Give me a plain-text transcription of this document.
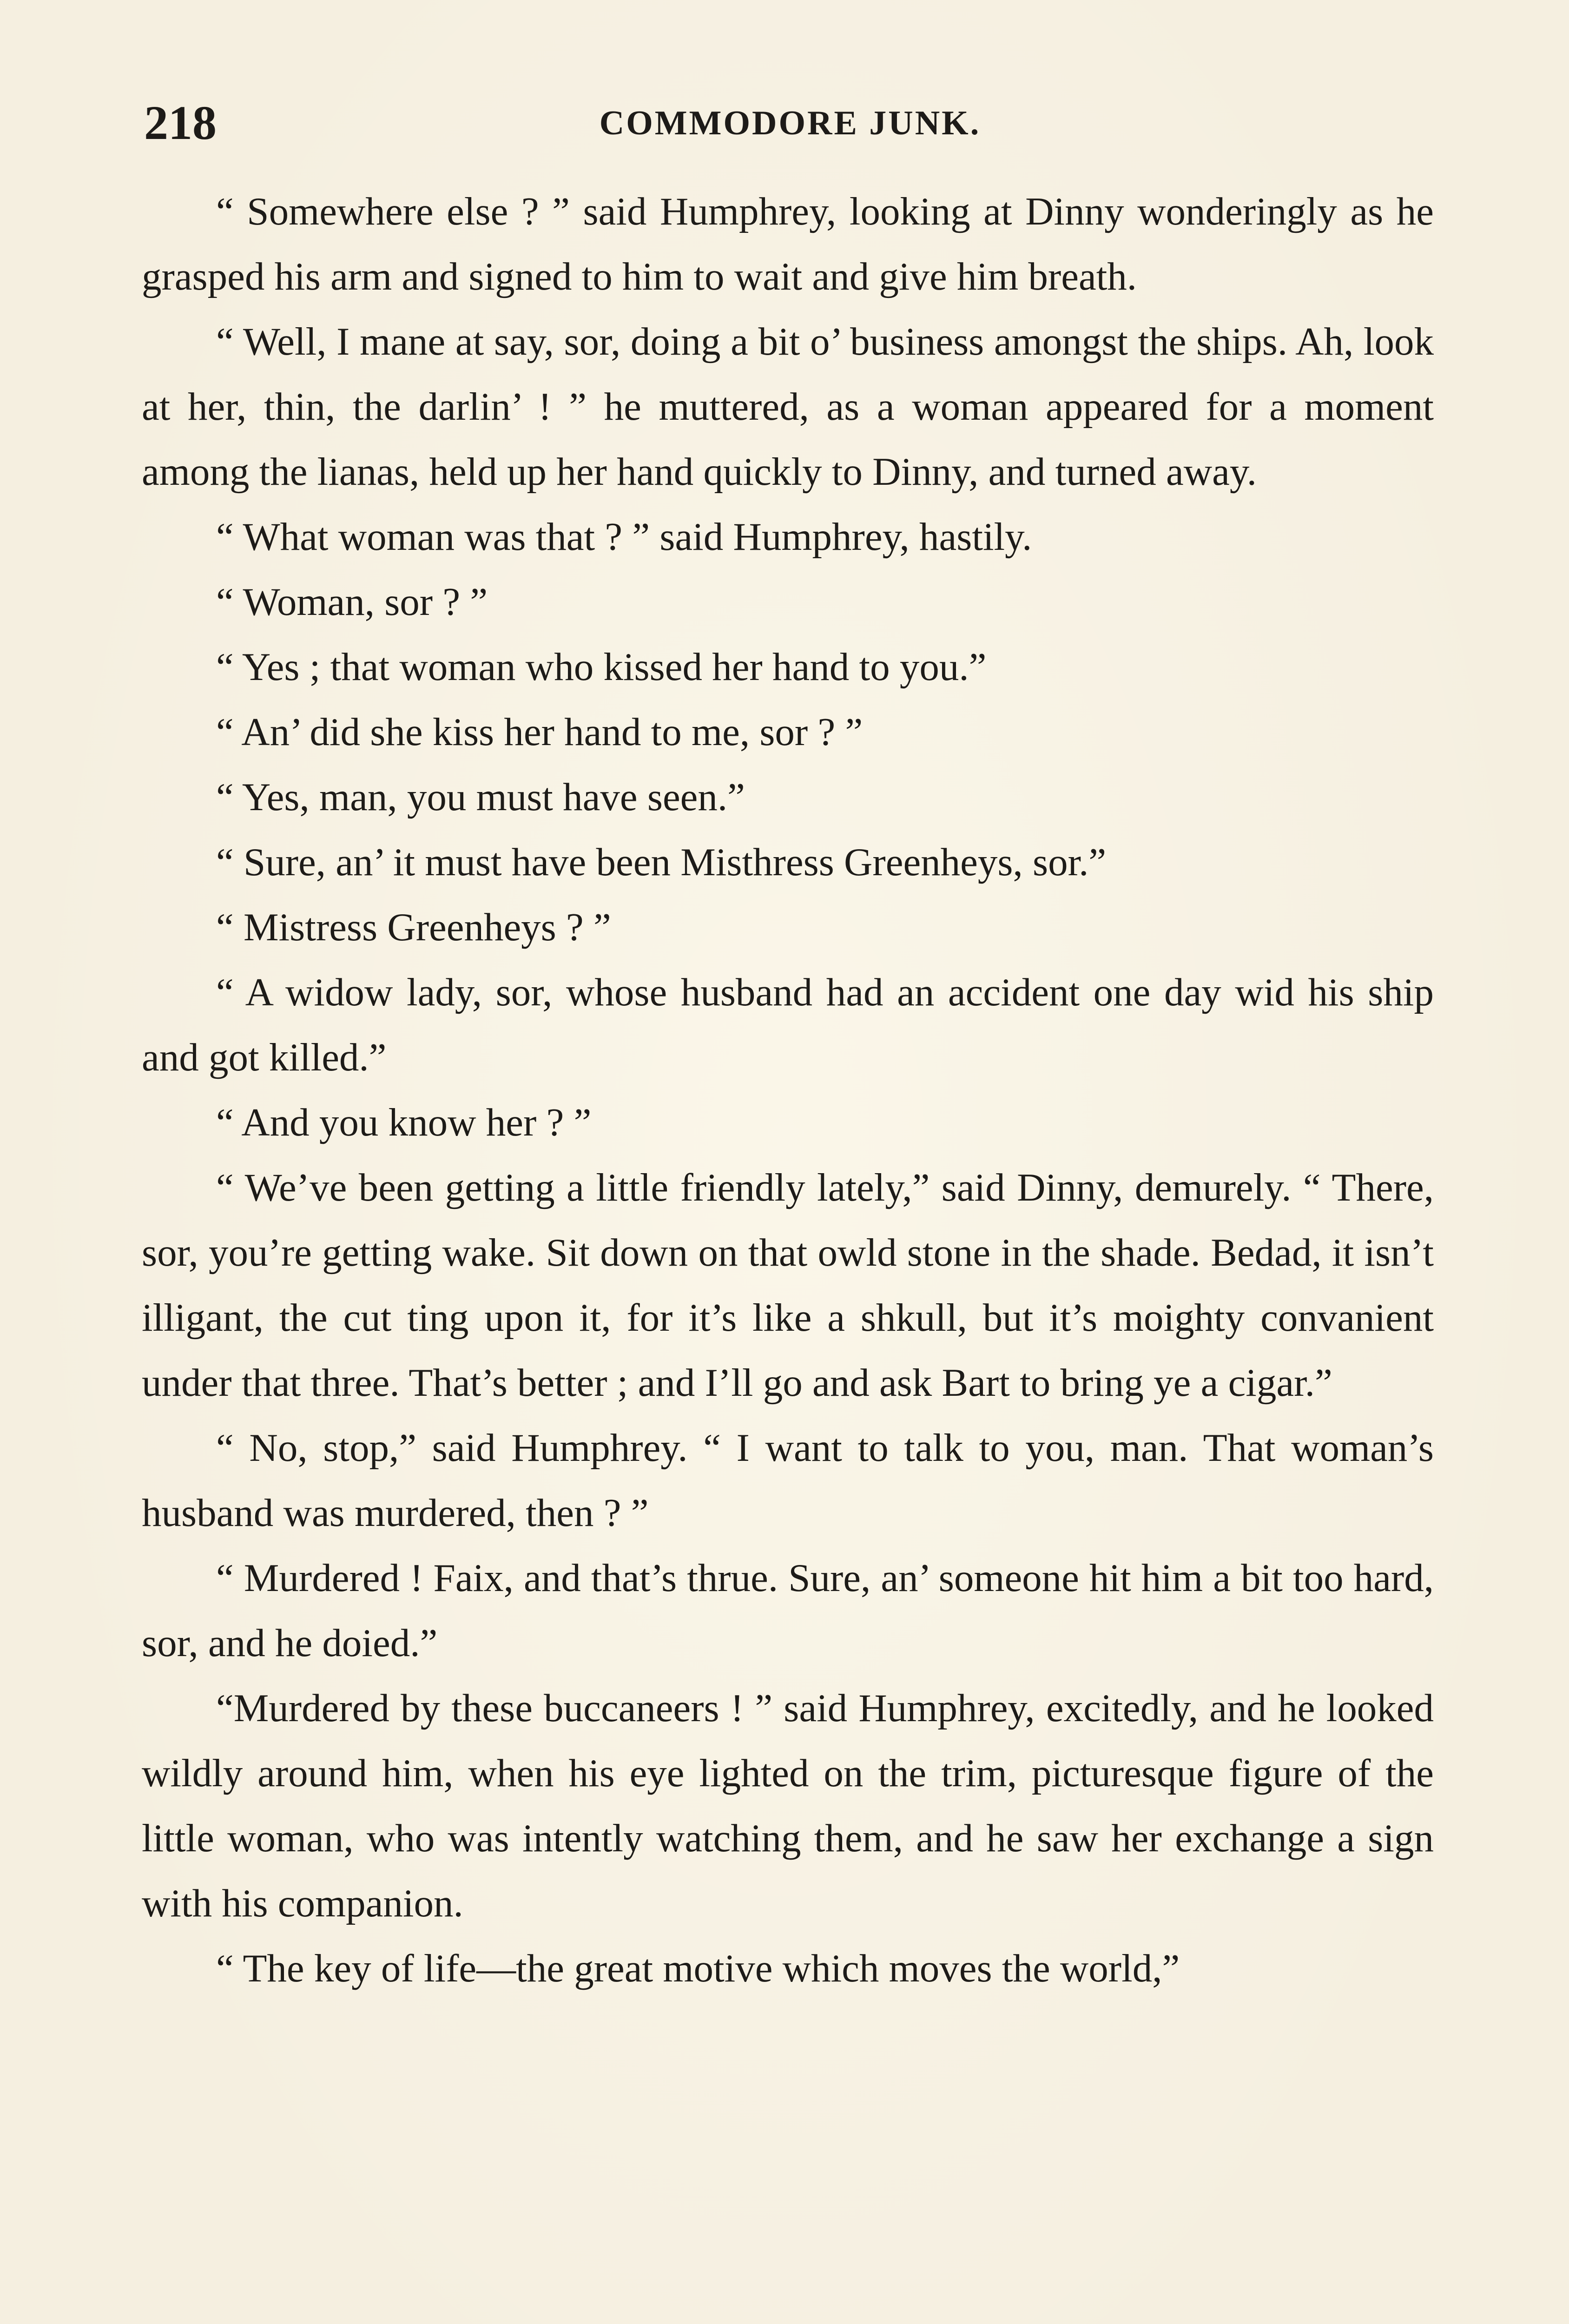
218	COMMODORE JUNK.

“ Somewhere else ? ” said Humphrey, looking at Dinny wonderingly as he grasped his arm and signed to him to wait and give him breath.

“ Well, I mane at say, sor, doing a bit o’ business amongst the ships. Ah, look at her, thin, the darlin’ ! ” he muttered, as a woman appeared for a moment among the lianas, held up her hand quickly to Dinny, and turned away.

“ What woman was that ? ” said Humphrey, hastily.

“ Woman, sor ? ”

“ Yes ; that woman who kissed her hand to you.”

“ An’ did she kiss her hand to me, sor ? ”

“ Yes, man, you must have seen.”

“ Sure, an’ it must have been Misthress Greenheys, sor.”

“ Mistress Greenheys ? ”

“ A widow lady, sor, whose husband had an accident one day wid his ship and got killed.”

“ And you know her ? ”

“ We’ve been getting a little friendly lately,” said Dinny, demurely. “ There, sor, you’re getting wake. Sit down on that owld stone in the shade. Bedad, it isn’t illigant, the cut ting upon it, for it’s like a shkull, but it’s moighty convanient under that three. That’s better ; and I’ll go and ask Bart to bring ye a cigar.”

“ No, stop,” said Humphrey. “ I want to talk to you, man. That woman’s husband was murdered, then ? ”

“ Murdered ! Faix, and that’s thrue. Sure, an’ someone hit him a bit too hard, sor, and he doied.”

“Murdered by these buccaneers ! ” said Humphrey, excitedly, and he looked wildly around him, when his eye lighted on the trim, picturesque figure of the little woman, who was intently watching them, and he saw her exchange a sign with his companion.

“ The key of life—the great motive which moves the world,”
